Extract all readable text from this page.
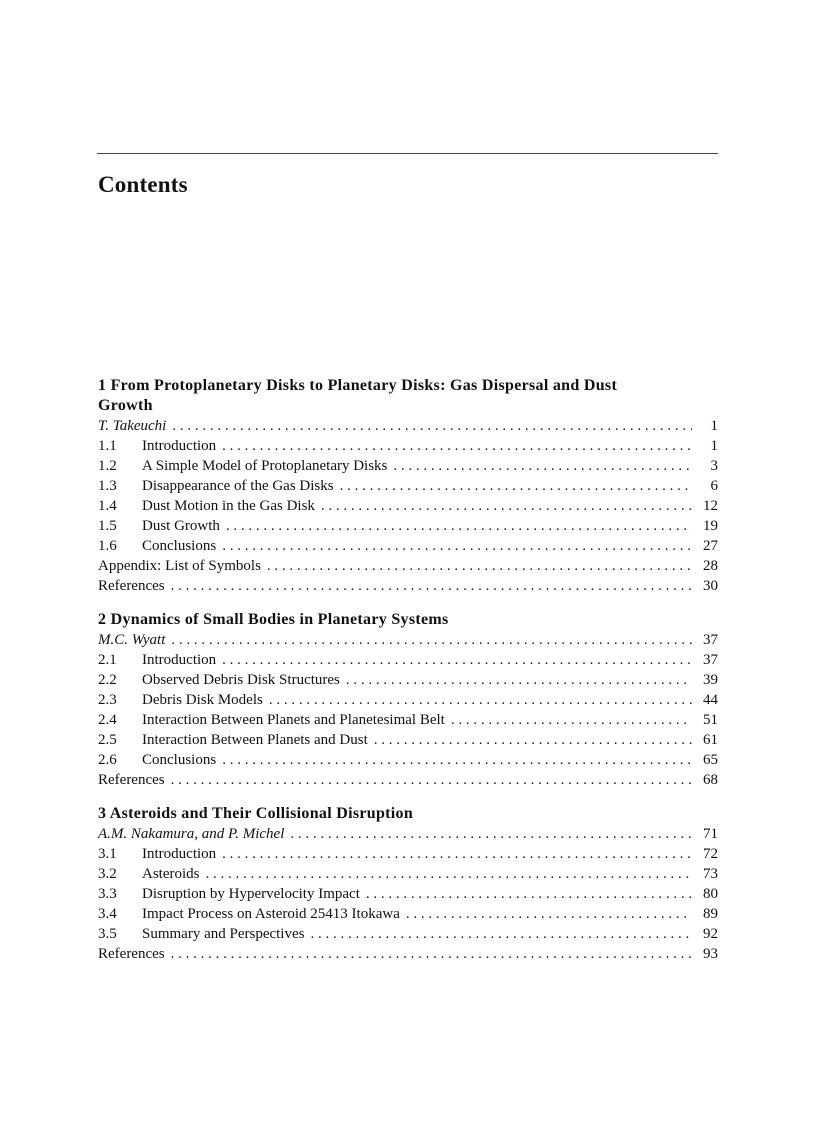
Contents
1 From Protoplanetary Disks to Planetary Disks: Gas Dispersal and Dust Growth
T. Takeuchi . . .	1
1.1	Introduction . . .	1
1.2	A Simple Model of Protoplanetary Disks . . .	3
1.3	Disappearance of the Gas Disks . . .	6
1.4	Dust Motion in the Gas Disk . . .	12
1.5	Dust Growth . . .	19
1.6	Conclusions . . .	27
Appendix: List of Symbols . . .	28
References . . .	30
2 Dynamics of Small Bodies in Planetary Systems
M.C. Wyatt . . .	37
2.1	Introduction . . .	37
2.2	Observed Debris Disk Structures . . .	39
2.3	Debris Disk Models . . .	44
2.4	Interaction Between Planets and Planetesimal Belt . . .	51
2.5	Interaction Between Planets and Dust . . .	61
2.6	Conclusions . . .	65
References . . .	68
3 Asteroids and Their Collisional Disruption
A.M. Nakamura, and P. Michel . . .	71
3.1	Introduction . . .	72
3.2	Asteroids . . .	73
3.3	Disruption by Hypervelocity Impact . . .	80
3.4	Impact Process on Asteroid 25413 Itokawa . . .	89
3.5	Summary and Perspectives . . .	92
References . . .	93
